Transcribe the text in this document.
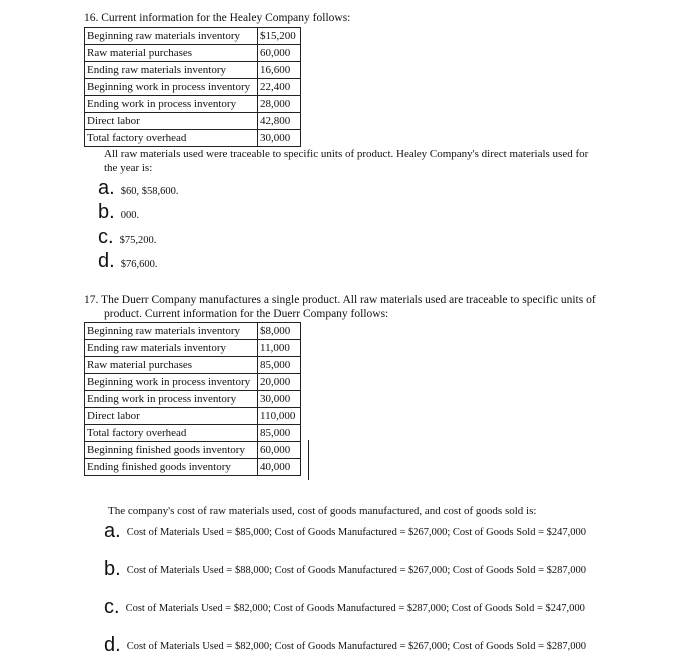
16. Current information for the Healey Company follows:
Beginning raw materials inventory	$15,200
Raw material purchases	60,000
Ending raw materials inventory	16,600
Beginning work in process inventory	22,400
Ending work in process inventory	28,000
Direct labor	42,800
Total factory overhead	30,000
All raw materials used were traceable to specific units of product. Healey Company's direct materials used for
the year is:
a. $60, $58,600.
b. 000.
c. $75,200.
d. $76,600.
17. The Duerr Company manufactures a single product. All raw materials used are traceable to specific units of
product. Current information for the Duerr Company follows:
Beginning raw materials inventory	$8,000
Ending raw materials inventory	11,000
Raw material purchases	85,000
Beginning work in process inventory	20,000
Ending work in process inventory	30,000
Direct labor	110,000
Total factory overhead	85,000
Beginning finished goods inventory	60,000
Ending finished goods inventory	40,000
The company's cost of raw materials used, cost of goods manufactured, and cost of goods sold is:
a. Cost of Materials Used = $85,000; Cost of Goods Manufactured = $267,000; Cost of Goods Sold = $247,000
b. Cost of Materials Used = $88,000; Cost of Goods Manufactured = $267,000; Cost of Goods Sold = $287,000
c. Cost of Materials Used = $82,000; Cost of Goods Manufactured = $287,000; Cost of Goods Sold = $247,000
d. Cost of Materials Used = $82,000; Cost of Goods Manufactured = $267,000; Cost of Goods Sold = $287,000
